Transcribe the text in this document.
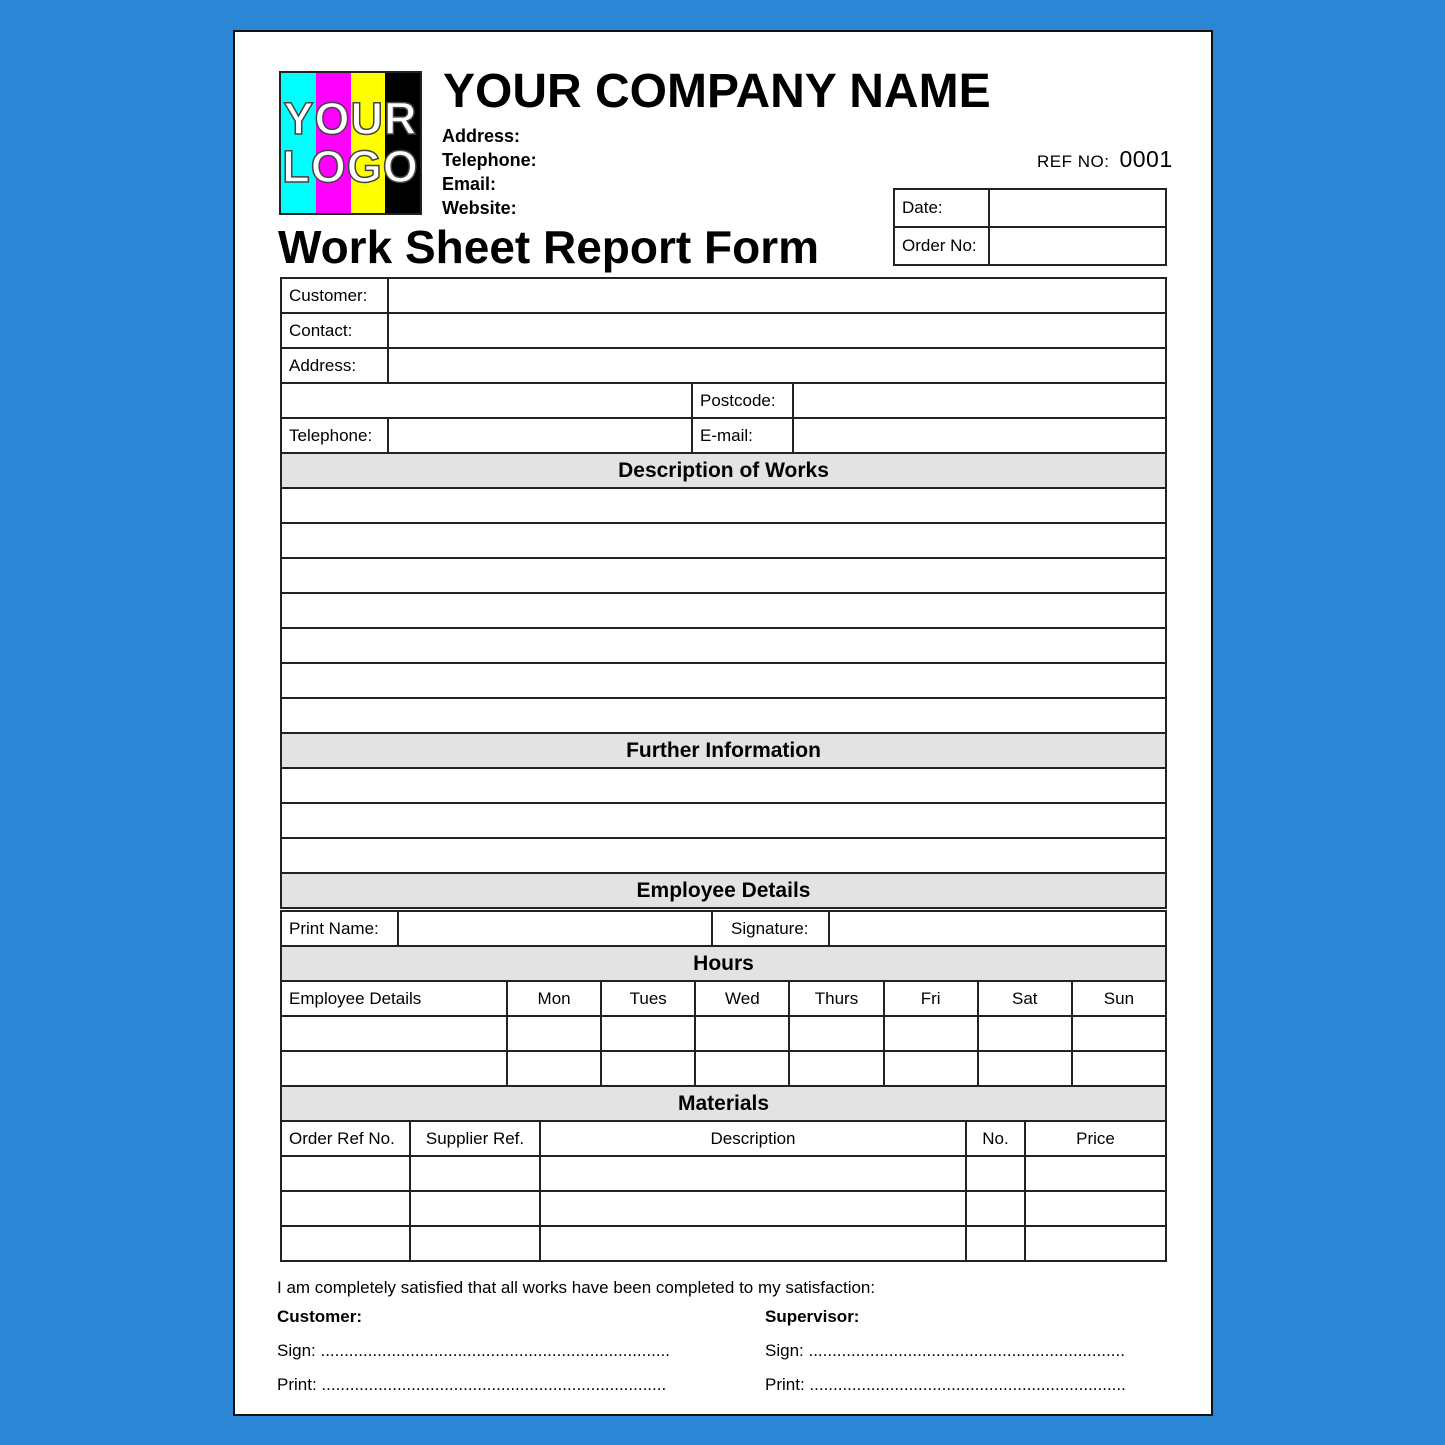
YOUR
LOGO
YOUR COMPANY NAME
Address:
Telephone:
Email:
Website:
REF NO: 0001
Work Sheet Report Form
Date:	
Order No:	
Customer:			
Contact:			
Address:			
		Postcode:	
Telephone:		E-mail:	
Description of Works			

Further Information			

Employee Details			
Print Name:		Signature:	
Hours
Employee Details	Mon	Tues	Wed	Thurs	Fri	Sat	Sun

Materials							
Order Ref No.	Supplier Ref.	Description	No.	Price

I am completely satisfied that all works have been completed to my satisfaction:
Customer:	Supervisor:
Sign: ..........................................................................	Sign: ...................................................................
Print: .........................................................................	Print: ...................................................................
